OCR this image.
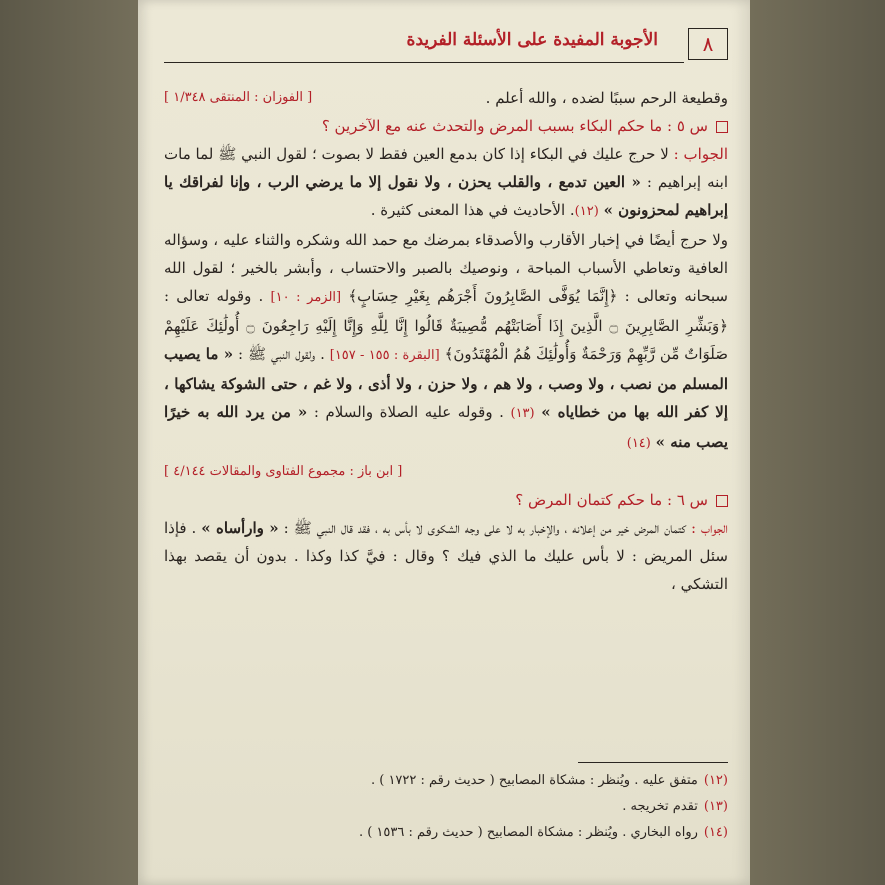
٨
الأجوبة المفيدة على الأسئلة الفريدة

وقطيعة الرحم سببًا لضده ، والله أعلم .
[ الفوزان : المنتقى ١/٣٤٨ ]

س ٥ : ما حكم البكاء بسبب المرض والتحدث عنه مع الآخرين ؟

الجواب : لا حرج عليك في البكاء إذا كان بدمع العين فقط لا بصوت ؛ لقول النبي ﷺ لما مات ابنه إبراهيم : « العين تدمع ، والقلب يحزن ، ولا نقول إلا ما يرضي الرب ، وإنا لفراقك يا إبراهيم لمحزونون » (١٢). الأحاديث في هذا المعنى كثيرة .

ولا حرج أيضًا في إخبار الأقارب والأصدقاء بمرضك مع حمد الله وشكره والثناء عليه ، وسؤاله العافية وتعاطي الأسباب المباحة ، ونوصيك بالصبر والاحتساب ، وأبشر بالخير ؛ لقول الله سبحانه وتعالى : ﴿إِنَّمَا يُوَفَّى الصَّابِرُونَ أَجْرَهُم بِغَيْرِ حِسَابٍ﴾ [الزمر : ١٠] . وقوله تعالى : ﴿وَبَشِّرِ الصَّابِرِينَ ۝ الَّذِينَ إِذَا أَصَابَتْهُم مُّصِيبَةٌ قَالُوا إِنَّا لِلَّهِ وَإِنَّا إِلَيْهِ رَاجِعُونَ ۝ أُولَٰئِكَ عَلَيْهِمْ صَلَوَاتٌ مِّن رَّبِّهِمْ وَرَحْمَةٌ وَأُولَٰئِكَ هُمُ الْمُهْتَدُونَ﴾ [البقرة : ١٥٥ - ١٥٧] . ولقول النبي ﷺ : « ما يصيب المسلم من نصب ، ولا وصب ، ولا هم ، ولا حزن ، ولا أذى ، ولا غم ، حتى الشوكة يشاكها ، إلا كفر الله بها من خطاياه » (١٣) . وقوله عليه الصلاة والسلام : « من يرد الله به خيرًا يصب منه » (١٤)

[ ابن باز : مجموع الفتاوى والمقالات ٤/١٤٤ ]

س ٦ : ما حكم كتمان المرض ؟

الجواب : كتمان المرض خير من إعلانه ، والإخبار به لا على وجه الشكوى لا بأس به ، فقد قال النبي ﷺ : « وارأساه » . فإذا سئل المريض : لا بأس عليك ما الذي فيك ؟ وقال : فيَّ كذا وكذا . بدون أن يقصد بهذا التشكي ،

(١٢)متفق عليه . ويُنظر : مشكاة المصابيح ( حديث رقم : ١٧٢٢ ) .
(١٣)تقدم تخريجه .
(١٤)رواه البخاري . ويُنظر : مشكاة المصابيح ( حديث رقم : ١٥٣٦ ) .
